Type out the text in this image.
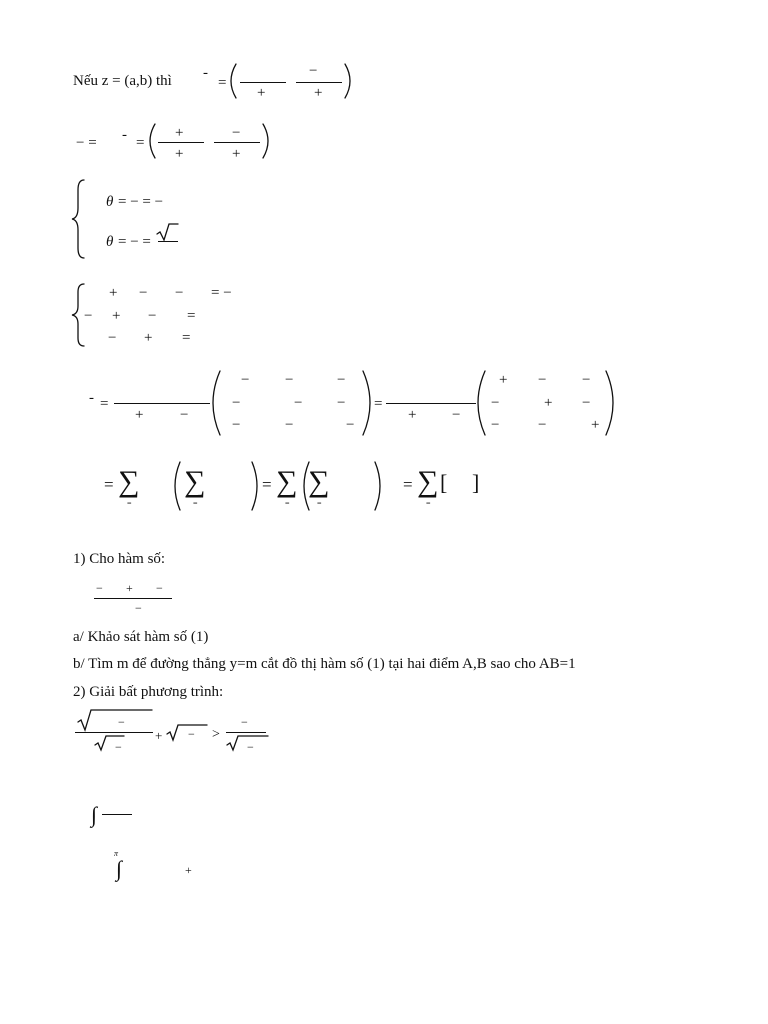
Nếu z = (a,b) thì -
=
+
−
+
− = - =
+
+
−
+
θ = − = −
θ = − =
+ − − = −
− + − =
− + =
- =
+ −
− −	−
−	− −
−	−	−
=
+ −
+ − −
−	+ −
−	−	+
= ∑
=
∑
=
= ∑
=
∑
=
= ∑
=
[ ]
1) Cho hàm số:
− + −
−
a/ Khảo sát hàm số (1)
b/ Tìm m để đường thẳng y=m cắt đồ thị hàm số (1) tại hai điểm A,B sao cho AB=1
2) Giải bất phương trình:
−
−
+ − >
−
−
∫
π
∫	+
